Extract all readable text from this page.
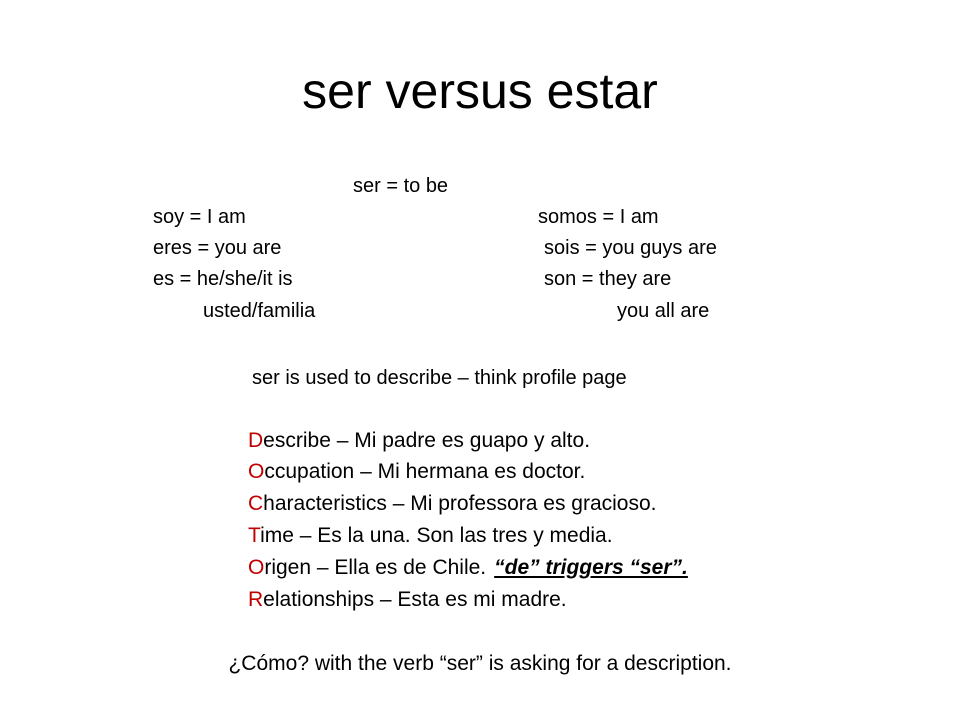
ser versus estar
ser = to be
soy = I am
eres = you are
es = he/she/it is
usted/familia
somos = I am
sois = you guys are
son = they are
you all are
ser is used to describe – think profile page
Describe – Mi padre es guapo y alto.
Occupation – Mi hermana es doctor.
Characteristics – Mi professora es gracioso.
Time – Es la una. Son las tres y media.
Origen – Ella es de Chile. “de” triggers “ser”.
Relationships – Esta es mi madre.
¿Cómo? with the verb “ser” is asking for a description.
